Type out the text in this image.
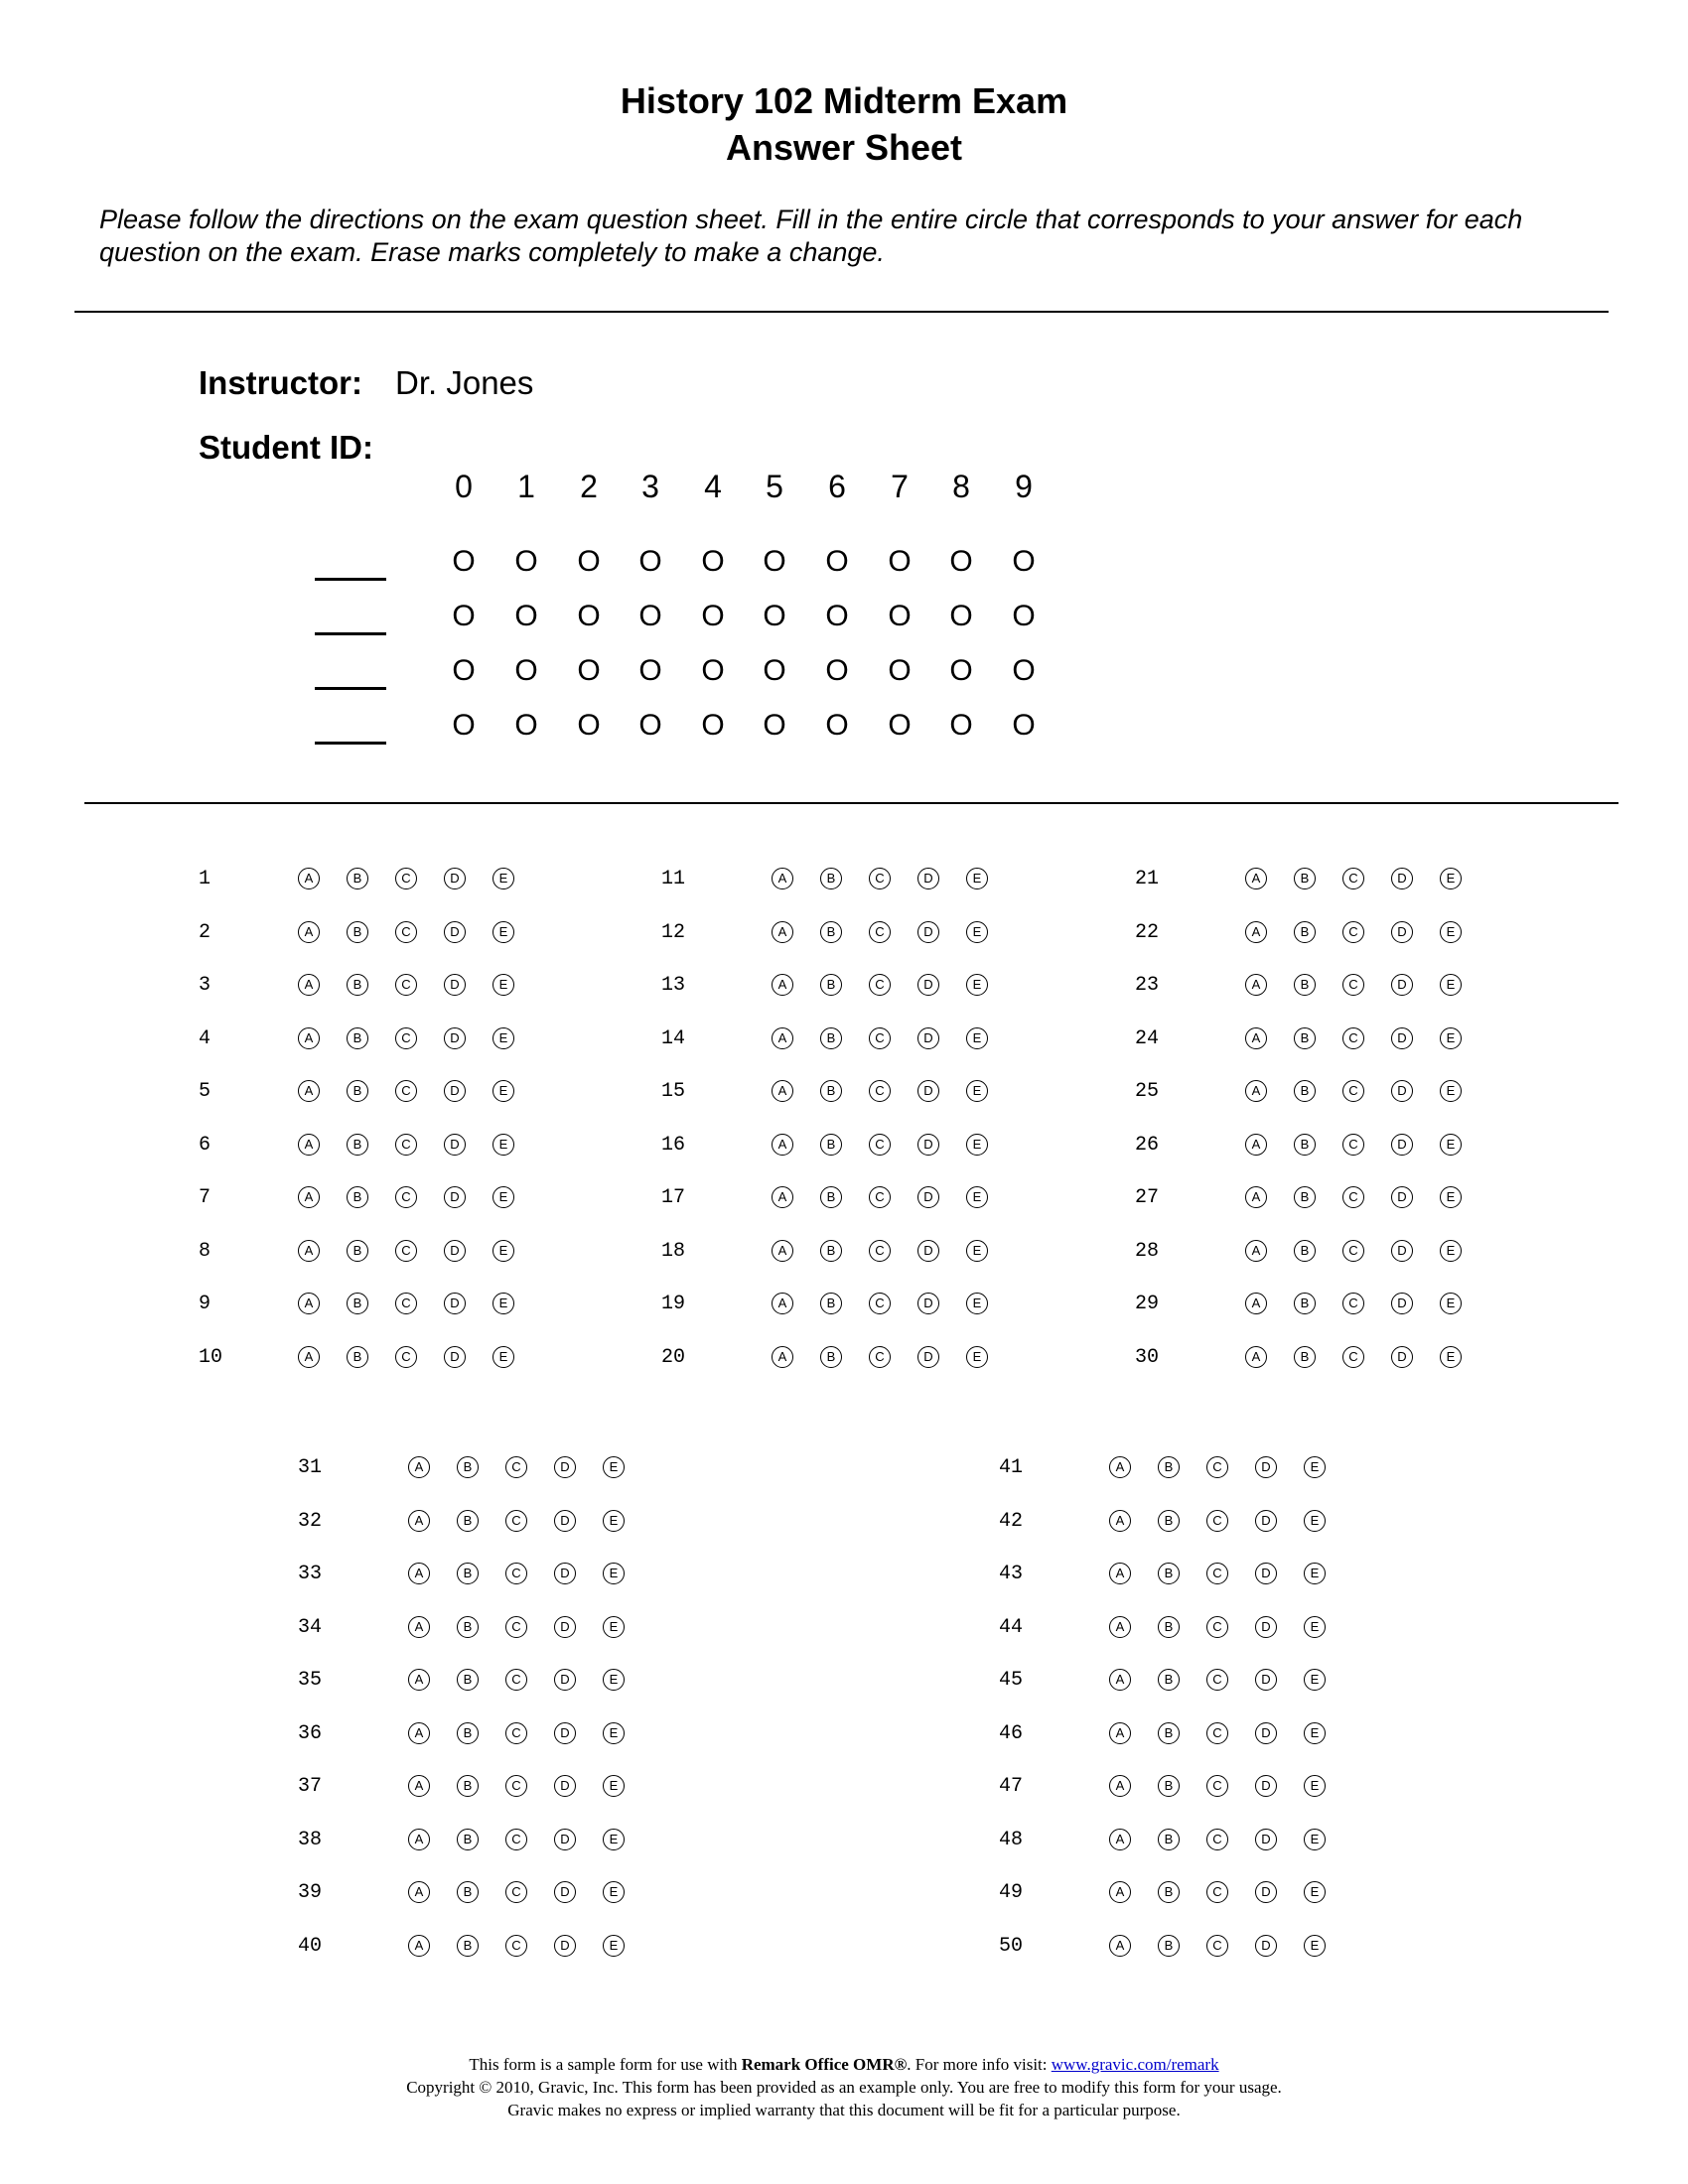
History 102 Midterm Exam
Answer Sheet
Please follow the directions on the exam question sheet. Fill in the entire circle that corresponds to your answer for each question on the exam. Erase marks completely to make a change.
Instructor: Dr. Jones
Student ID:
0	1	2	3	4	5	6	7	8	9
O O O O O O O O O O
O O O O O O O O O O
O O O O O O O O O O
O O O O O O O O O O
1	A	B	C	D	E
2	A	B	C	D	E
3	A	B	C	D	E
4	A	B	C	D	E
5	A	B	C	D	E
6	A	B	C	D	E
7	A	B	C	D	E
8	A	B	C	D	E
9	A	B	C	D	E
10	A	B	C	D	E
11	A	B	C	D	E
12	A	B	C	D	E
13	A	B	C	D	E
14	A	B	C	D	E
15	A	B	C	D	E
16	A	B	C	D	E
17	A	B	C	D	E
18	A	B	C	D	E
19	A	B	C	D	E
20	A	B	C	D	E
21	A	B	C	D	E
22	A	B	C	D	E
23	A	B	C	D	E
24	A	B	C	D	E
25	A	B	C	D	E
26	A	B	C	D	E
27	A	B	C	D	E
28	A	B	C	D	E
29	A	B	C	D	E
30	A	B	C	D	E
31	A	B	C	D	E
32	A	B	C	D	E
33	A	B	C	D	E
34	A	B	C	D	E
35	A	B	C	D	E
36	A	B	C	D	E
37	A	B	C	D	E
38	A	B	C	D	E
39	A	B	C	D	E
40	A	B	C	D	E
41	A	B	C	D	E
42	A	B	C	D	E
43	A	B	C	D	E
44	A	B	C	D	E
45	A	B	C	D	E
46	A	B	C	D	E
47	A	B	C	D	E
48	A	B	C	D	E
49	A	B	C	D	E
50	A	B	C	D	E
This form is a sample form for use with Remark Office OMR®. For more info visit: www.gravic.com/remark
Copyright © 2010, Gravic, Inc. This form has been provided as an example only. You are free to modify this form for your usage.
Gravic makes no express or implied warranty that this document will be fit for a particular purpose.
